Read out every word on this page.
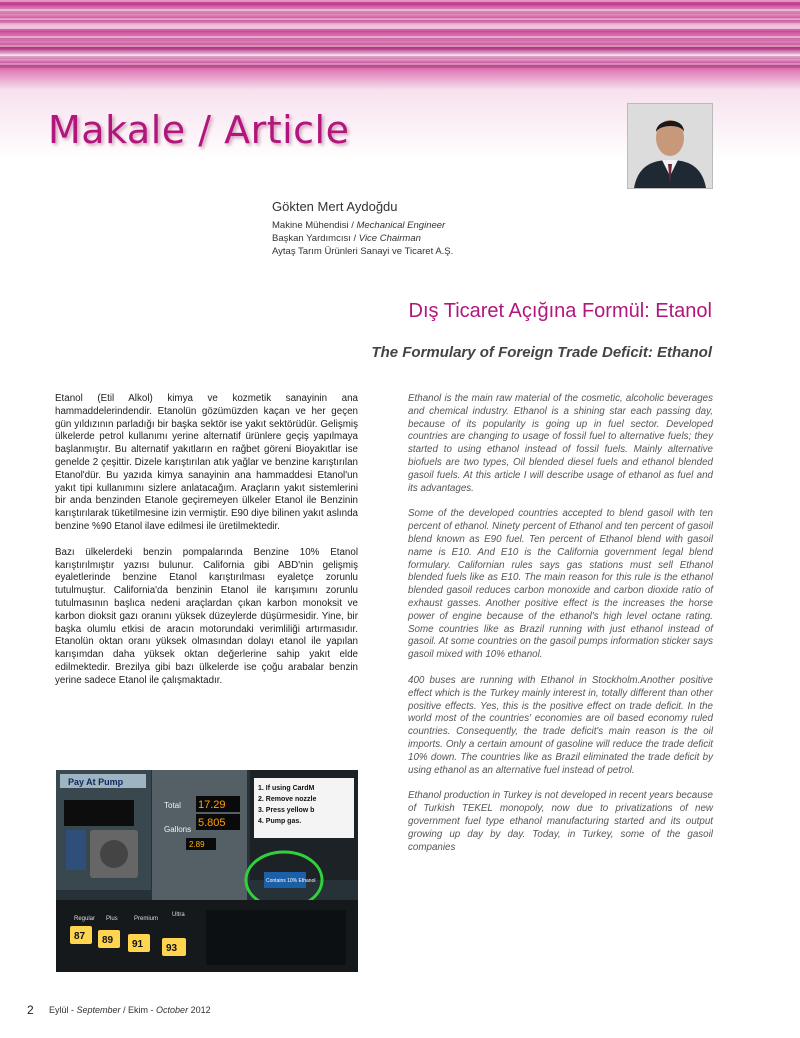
Makale / Article

Gökten Mert Aydoğdu

Makine Mühendisi / Mechanical Engineer

Başkan Yardımcısı / Vice Chairman

Aytaş Tarım Ürünleri Sanayi ve Ticaret A.Ş.

Dış Ticaret Açığına Formül: Etanol
The Formulary of Foreign Trade Deficit: Ethanol

Etanol (Etil Alkol) kimya ve kozmetik sanayinin ana hammaddelerindendir. Etanolün gözümüzden kaçan ve her geçen gün yıldızının parladığı bir başka sektör ise yakıt sektörüdür. Gelişmiş ülkelerde petrol kullanımı yerine alternatif ürünlere geçiş yapılmaya başlanmıştır. Bu alternatif yakıtların en rağbet göreni Bioyakıtlar ise genelde 2 çeşittir. Dizele karıştırılan atık yağlar ve benzine karıştırılan Etanol'dür. Bu yazıda kimya sanayinin ana hammaddesi Etanol'un yakıt tipi kullanımını sizlere anlatacağım. Araçların yakıt sistemlerini bir anda benzinden Etanole geçiremeyen ülkeler Etanol ile Benzinin karıştırılarak tüketilmesine izin vermiştir. E90 diye bilinen yakıt aslında benzine %90 Etanol ilave edilmesi ile üretilmektedir.

Bazı ülkelerdeki benzin pompalarında Benzine 10% Etanol karıştırılmıştır yazısı bulunur. California gibi ABD'nin gelişmiş eyaletlerinde benzine Etanol karıştırılması eyaletçe zorunlu tutulmuştur. California'da benzinin Etanol ile karışımını zorunlu tutulmasının başlıca nedeni araçlardan çıkan karbon monoksit ve karbon dioksit gazı oranını yüksek düzeylerde düşürmesidir. Yine, bir başka olumlu etkisi de aracın motorundaki verimliliği artırmasıdır. Etanolün oktan oranı yüksek olmasından dolayı etanol ile yapılan karışımdan daha yüksek oktan değerlerine sahip yakıt elde edilmektedir. Brezilya gibi bazı ülkelerde ise çoğu arabalar benzin yerine sadece Etanol ile çalışmaktadır.

Ethanol is the main raw material of the cosmetic, alcoholic beverages and chemical industry. Ethanol is a shining star each passing day, because of its popularity is going up in fuel sector. Developed countries are changing to usage of fossil fuel to alternative fuels; they started to using ethanol instead of fossil fuels. Mainly alternative biofuels are two types, Oil blended diesel fuels and ethanol blended gasoil fuels. At this article I will describe usage of ethanol as fuel and its advantages.

Some of the developed countries accepted to blend gasoil with ten percent of ethanol. Ninety percent of Ethanol and ten percent of gasoil blend known as E90 fuel. Ten percent of Ethanol blend with gasoil name is E10. And E10 is the California government legal blend formulary. Californian rules says gas stations must sell Ethanol blended fuels like as E10. The main reason for this rule is the ethanol blended gasoil reduces carbon monoxide and carbon dioxide ratio of exhaust gasses. Another positive effect is the increases the horse power of engine because of the ethanol's high level octane rating. Some countries like as Brazil running with just ethanol instead of gasoil. At some countries on the gasoil pumps information sticker says gasoil mixed with 10% ethanol.

400 buses are running with Ethanol in Stockholm.Another positive effect which is the Turkey mainly interest in, totally different than other positive effects. Yes, this is the positive effect on trade deficit. In the world most of the countries' economies are oil based economy ruled countries. Consequently, the trade deficit's main reason is the oil imports. Only a certain amount of gasoline will reduce the trade deficit 10% down. The countries like as Brazil eliminated the trade deficit by using ethanol as an alternative fuel instead of petrol.

Ethanol production in Turkey is not developed in recent years because of Turkish TEKEL monopoly, now due to privatizations of new government fuel type ethanol manufacturing started and its output growing up day by day. Today, in Turkey, some of the gasoil companies

Pay At Pump
Total 17.29
Gallons
5.805
2.89
1. If using CardM
2. Remove nozzle
3. Press yellow b
4. Pump gas.
Contains 10% Ethanol
Regular Plus	Premium
Ultra
87 89 91 93
2 Eylül - September / Ekim - October 2012
